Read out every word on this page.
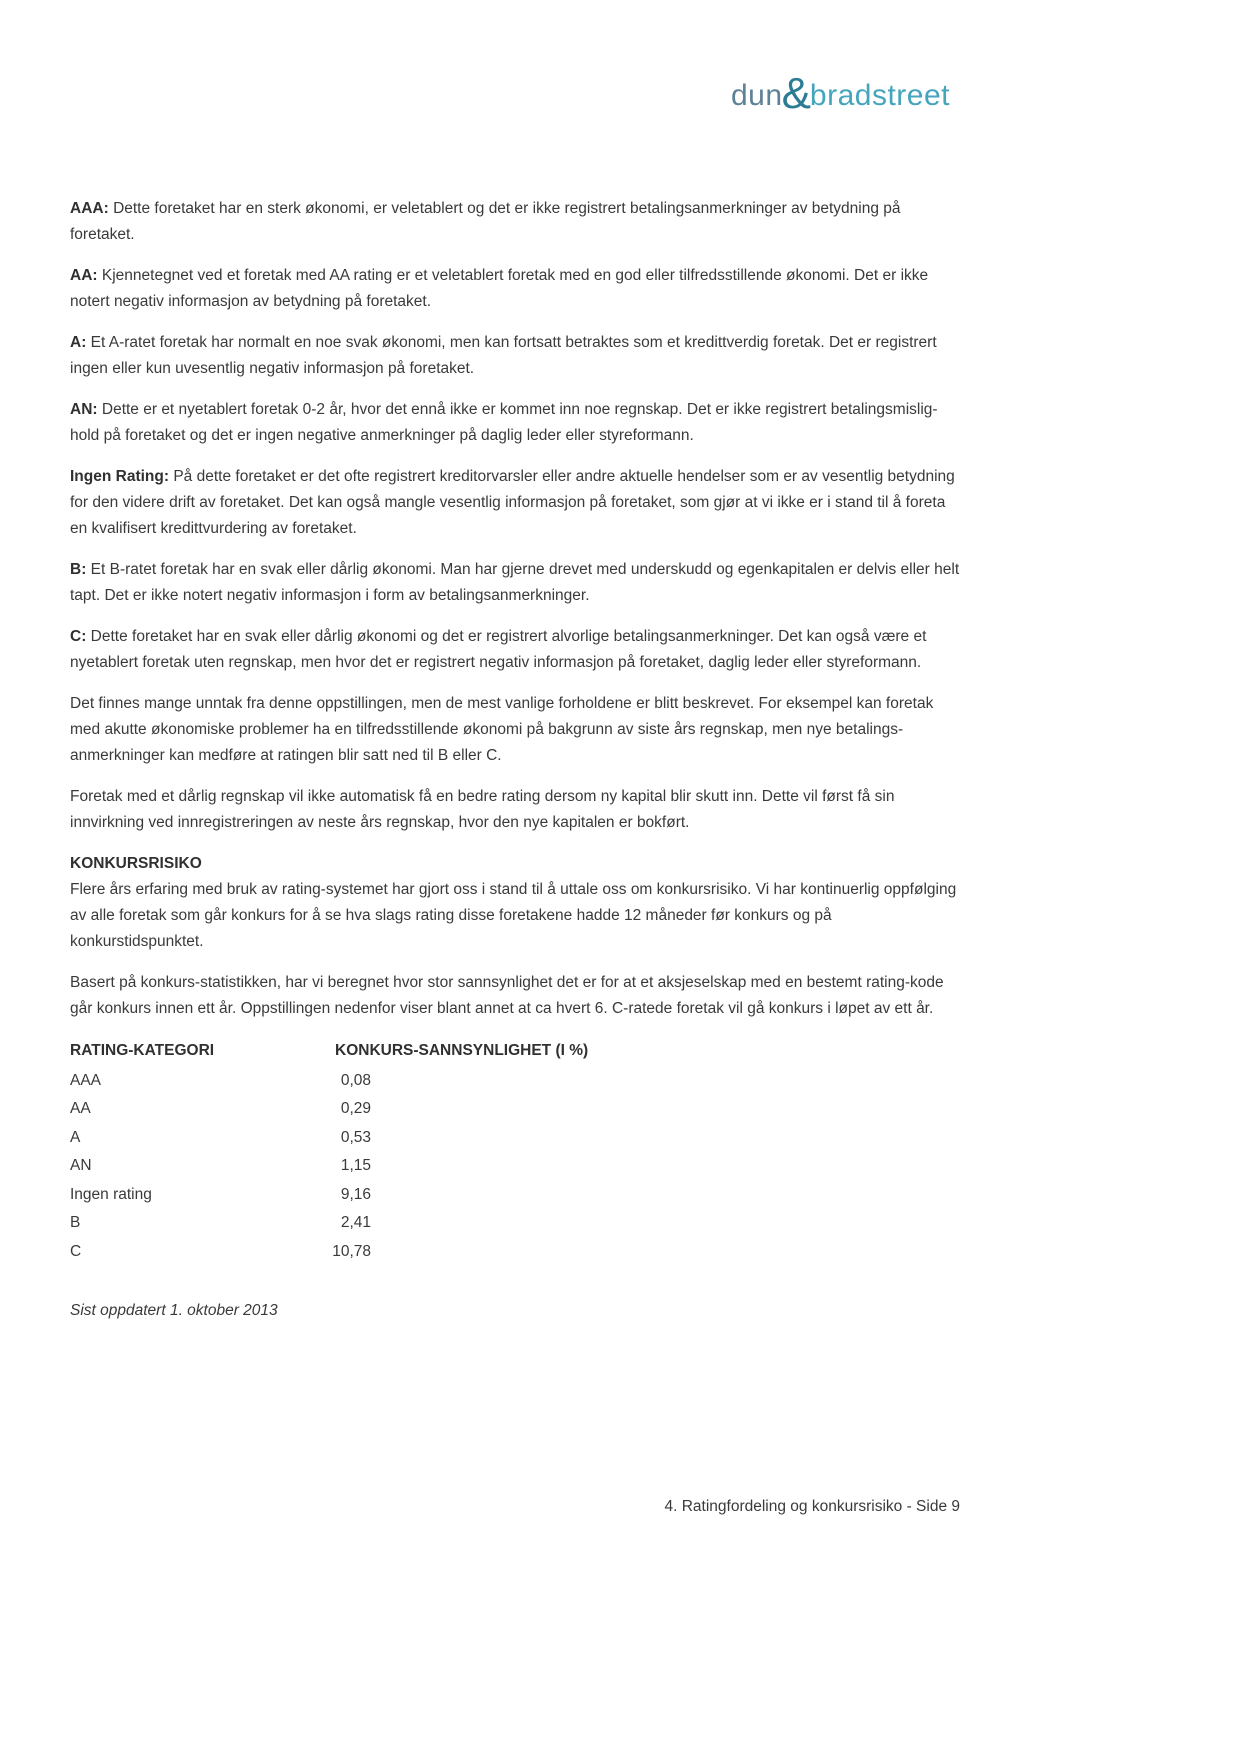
dun&bradstreet

AAA: Dette foretaket har en sterk økonomi, er veletablert og det er ikke registrert betalingsanmerkninger av betydning på foretaket.

AA: Kjennetegnet ved et foretak med AA rating er et veletablert foretak med en god eller tilfredsstillende økonomi. Det er ikke notert negativ informasjon av betydning på foretaket.

A: Et A-ratet foretak har normalt en noe svak økonomi, men kan fortsatt betraktes som et kredittverdig foretak. Det er registrert ingen eller kun uvesentlig negativ informasjon på foretaket.

AN: Dette er et nyetablert foretak 0-2 år, hvor det ennå ikke er kommet inn noe regnskap. Det er ikke registrert betalingsmislig- hold på foretaket og det er ingen negative anmerkninger på daglig leder eller styreformann.

Ingen Rating: På dette foretaket er det ofte registrert kreditorvarsler eller andre aktuelle hendelser som er av vesentlig betydning for den videre drift av foretaket. Det kan også mangle vesentlig informasjon på foretaket, som gjør at vi ikke er i stand til å foreta en kvalifisert kredittvurdering av foretaket.

B: Et B-ratet foretak har en svak eller dårlig økonomi. Man har gjerne drevet med underskudd og egenkapitalen er delvis eller helt tapt. Det er ikke notert negativ informasjon i form av betalingsanmerkninger.

C: Dette foretaket har en svak eller dårlig økonomi og det er registrert alvorlige betalingsanmerkninger. Det kan også være et nyetablert foretak uten regnskap, men hvor det er registrert negativ informasjon på foretaket, daglig leder eller styreformann.

Det finnes mange unntak fra denne oppstillingen, men de mest vanlige forholdene er blitt beskrevet. For eksempel kan foretak med akutte økonomiske problemer ha en tilfredsstillende økonomi på bakgrunn av siste års regnskap, men nye betalings- anmerkninger kan medføre at ratingen blir satt ned til B eller C.

Foretak med et dårlig regnskap vil ikke automatisk få en bedre rating dersom ny kapital blir skutt inn. Dette vil først få sin innvirkning ved innregistreringen av neste års regnskap, hvor den nye kapitalen er bokført.

KONKURSRISIKO

Flere års erfaring med bruk av rating-systemet har gjort oss i stand til å uttale oss om konkursrisiko. Vi har kontinuerlig oppfølging av alle foretak som går konkurs for å se hva slags rating disse foretakene hadde 12 måneder før konkurs og på konkurstidspunktet.

Basert på konkurs-statistikken, har vi beregnet hvor stor sannsynlighet det er for at et aksjeselskap med en bestemt rating-kode går konkurs innen ett år. Oppstillingen nedenfor viser blant annet at ca hvert 6. C-ratede foretak vil gå konkurs i løpet av ett år.

RATING-KATEGORI	KONKURS-SANNSYNLIGHET (I %)
AAA	0,08
AA	0,29
A	0,53
AN	1,15
Ingen rating	9,16
B	2,41
C	10,78

Sist oppdatert 1. oktober 2013

4. Ratingfordeling og konkursrisiko - Side 9
